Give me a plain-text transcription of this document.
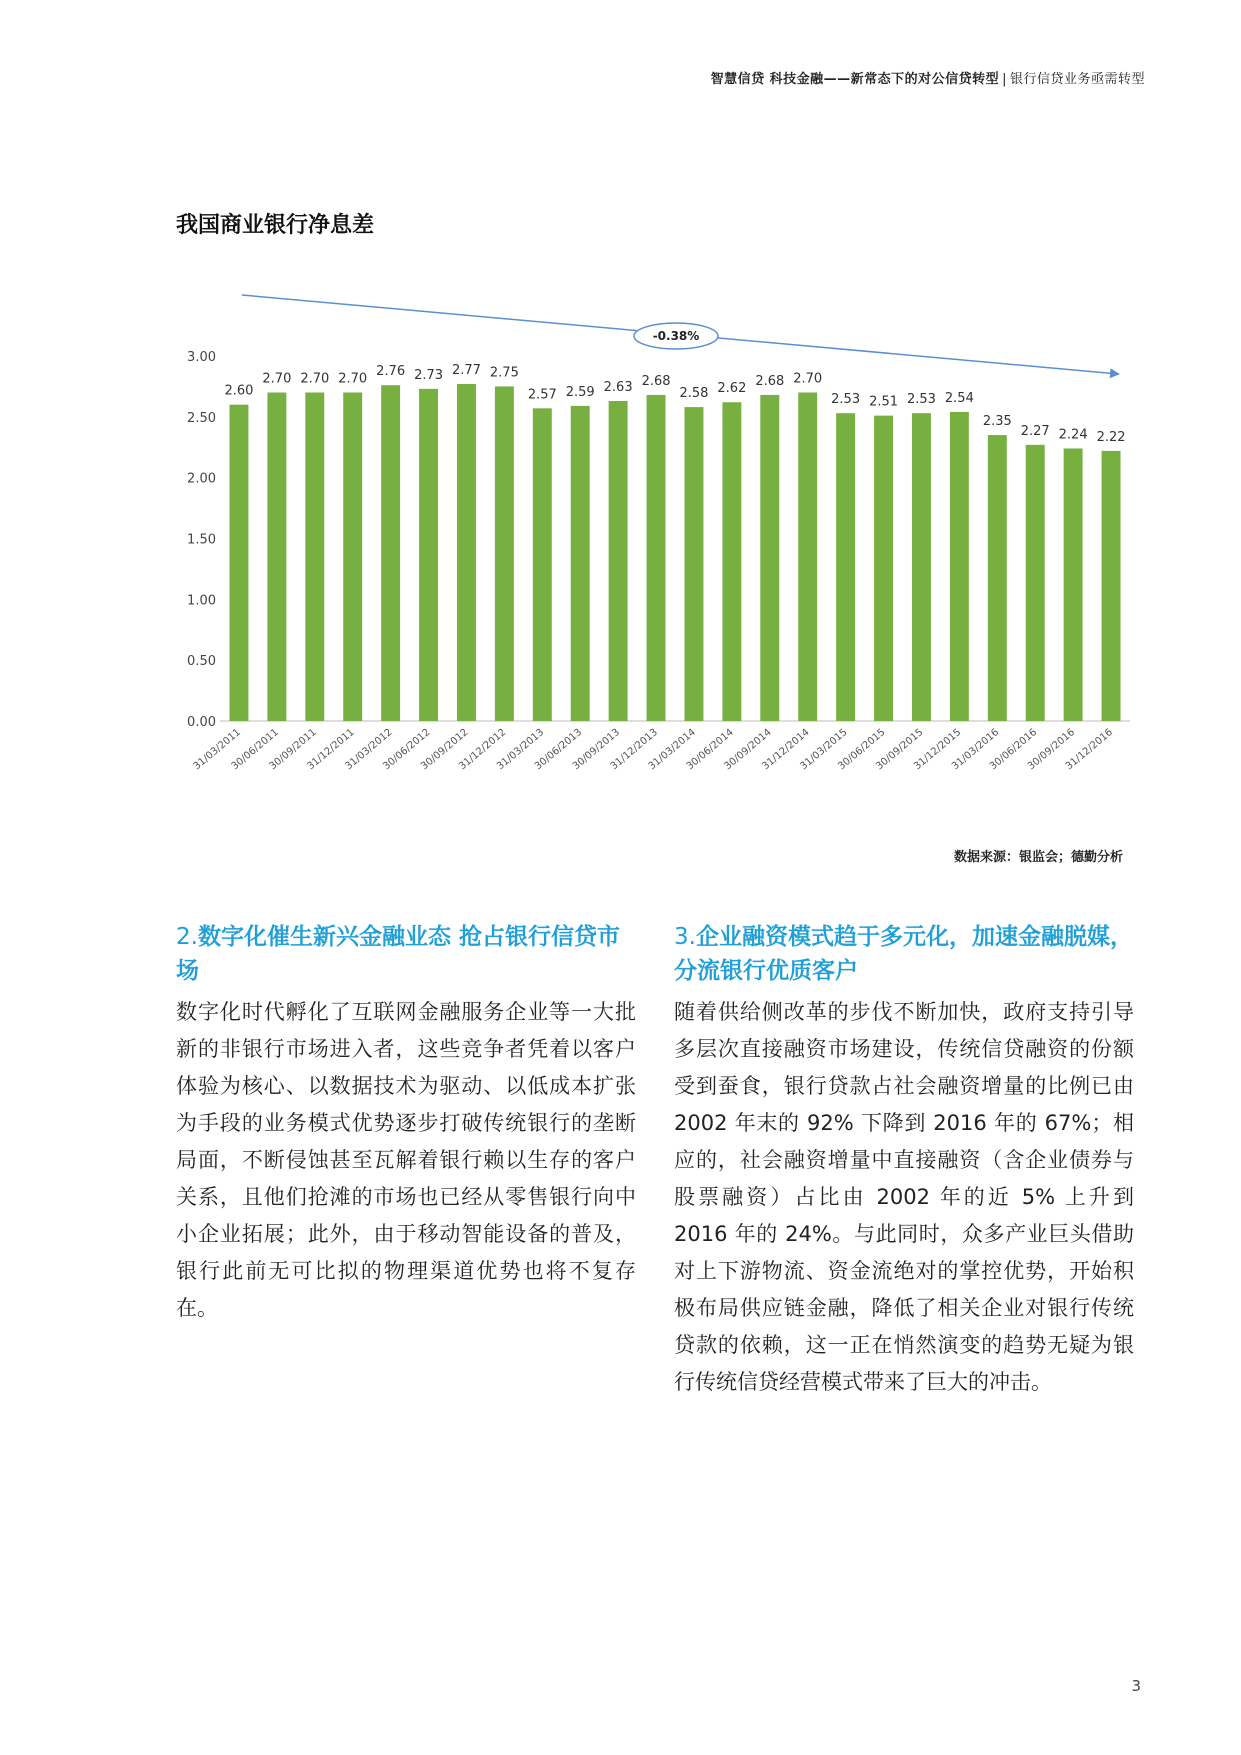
智慧信贷 科技金融——新常态下的对公信贷转型 | 银行信贷业务亟需转型
我国商业银行净息差
0.00
0.50
1.00
1.50
2.00
2.50
3.00
2.60
2.70 2.70 2.70 2.76 2.73 2.77 2.75
2.57 2.59 2.63 2.68
2.58 2.62 2.68 2.70
2.53 2.51 2.53 2.54
2.35
2.27 2.24 2.22
31/03/2011
30/06/2011
30/09/2011
31/12/2011
31/03/2012
30/06/2012
30/09/2012
31/12/2012
31/03/2013
30/06/2013
30/09/2013
31/12/2013
31/03/2014
30/06/2014
30/09/2014
31/12/2014
31/03/2015
30/06/2015
30/09/2015
31/12/2015
31/03/2016
30/06/2016
30/09/2016
31/12/2016
-0.38%
数据来源：银监会；德勤分析
2.数字化催生新兴金融业态 抢占银行信贷市场

数字化时代孵化了互联网金融服务企业等一大批新的非银行市场进入者，这些竞争者凭着以客户体验为核心、以数据技术为驱动、以低成本扩张为手段的业务模式优势逐步打破传统银行的垄断局面，不断侵蚀甚至瓦解着银行赖以生存的客户关系，且他们抢滩的市场也已经从零售银行向中小企业拓展；此外，由于移动智能设备的普及，银行此前无可比拟的物理渠道优势也将不复存在。

3.企业融资模式趋于多元化，加速金融脱媒，分流银行优质客户

随着供给侧改革的步伐不断加快，政府支持引导多层次直接融资市场建设，传统信贷融资的份额受到蚕食，银行贷款占社会融资增量的比例已由 2002 年末的 92% 下降到 2016 年的 67%；相应的，社会融资增量中直接融资（含企业债券与股票融资）占比由 2002 年的近 5% 上升到 2016 年的 24%。与此同时，众多产业巨头借助对上下游物流、资金流绝对的掌控优势，开始积极布局供应链金融，降低了相关企业对银行传统贷款的依赖，这一正在悄然演变的趋势无疑为银行传统信贷经营模式带来了巨大的冲击。

3
